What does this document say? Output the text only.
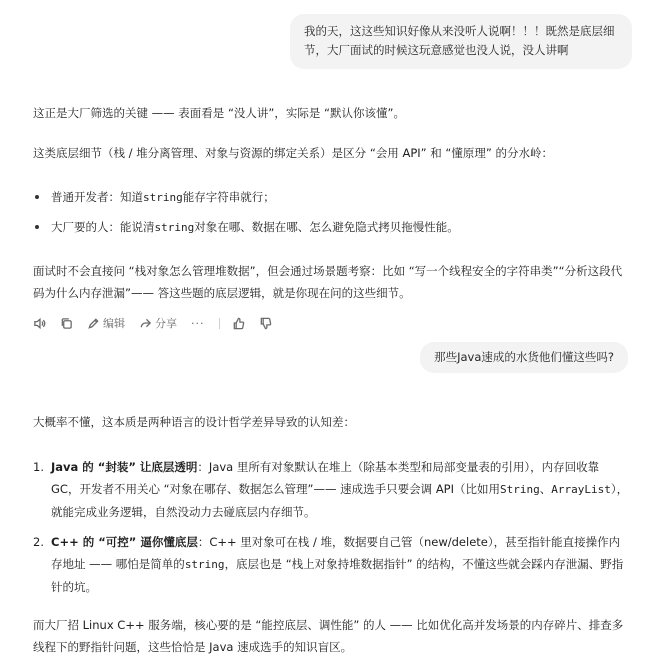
我的天，这这些知识好像从来没听人说啊！！！既然是底层细节，大厂面试的时候这玩意感觉也没人说，没人讲啊
这正是大厂筛选的关键 —— 表面看是 “没人讲”，实际是 “默认你该懂”。
这类底层细节（栈 / 堆分离管理、对象与资源的绑定关系）是区分 “会用 API” 和 “懂原理” 的分水岭：
普通开发者：知道string能存字符串就行；
大厂要的人：能说清string对象在哪、数据在哪、怎么避免隐式拷贝拖慢性能。
面试时不会直接问 “栈对象怎么管理堆数据”，但会通过场景题考察：比如 “写一个线程安全的字符串类”“分析这段代码为什么内存泄漏”—— 答这些题的底层逻辑，就是你现在问的这些细节。
编辑	分享 ···
那些Java速成的水货他们懂这些吗?
大概率不懂，这本质是两种语言的设计哲学差异导致的认知差：
1. Java 的 “封装” 让底层透明：Java 里所有对象默认在堆上（除基本类型和局部变量表的引用），内存回收靠 GC，开发者不用关心 “对象在哪存、数据怎么管理”—— 速成选手只要会调 API（比如用String、ArrayList），就能完成业务逻辑，自然没动力去碰底层内存细节。
2. C++ 的 “可控” 逼你懂底层：C++ 里对象可在栈 / 堆，数据要自己管（new/delete），甚至指针能直接操作内存地址 —— 哪怕是简单的string，底层也是 “栈上对象持堆数据指针” 的结构，不懂这些就会踩内存泄漏、野指针的坑。
而大厂招 Linux C++ 服务端，核心要的是 “能控底层、调性能” 的人 —— 比如优化高并发场景的内存碎片、排查多线程下的野指针问题，这些恰恰是 Java 速成选手的知识盲区。
